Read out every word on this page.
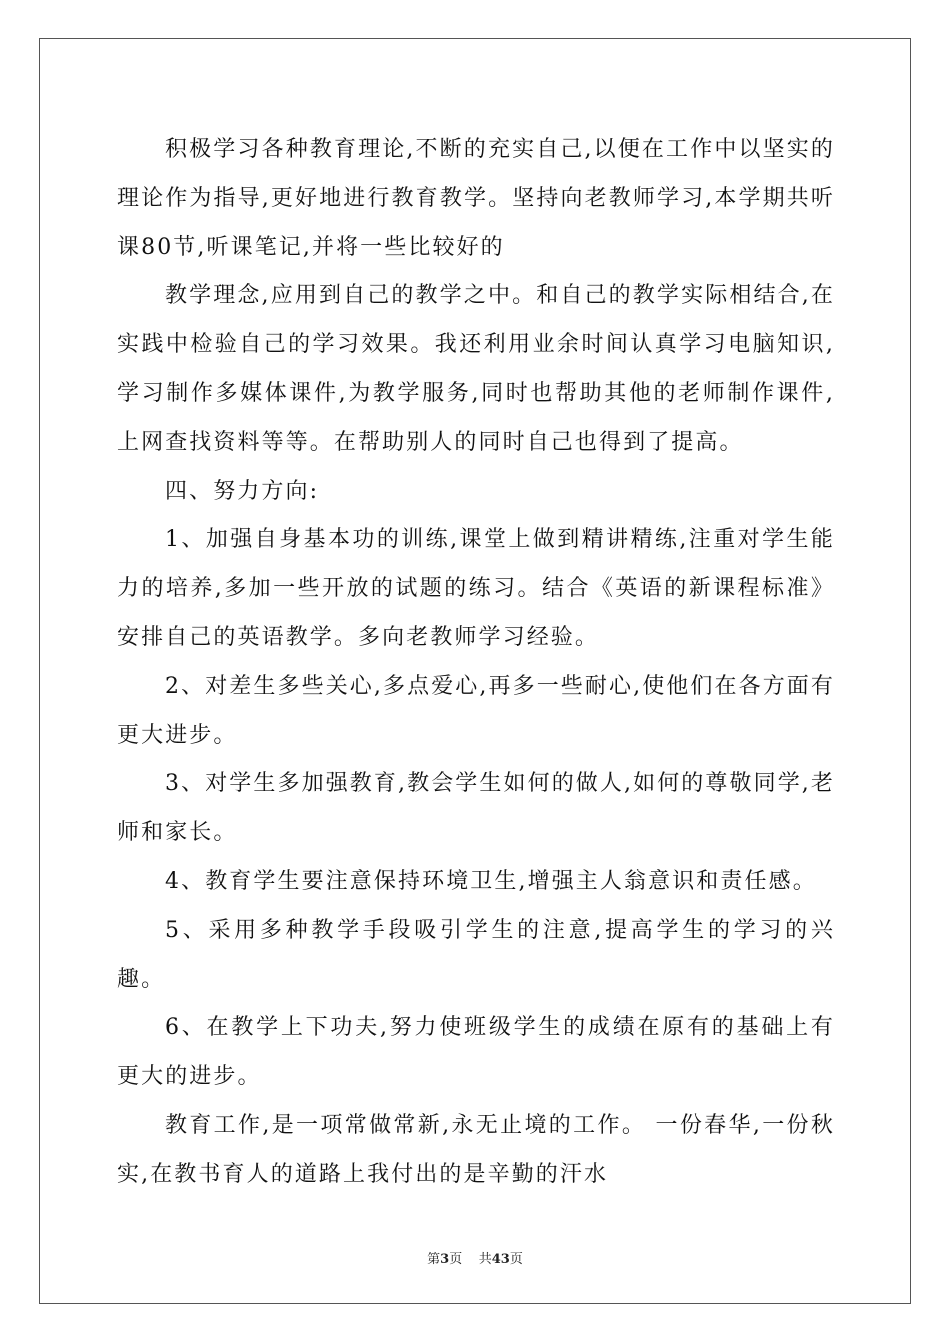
积极学习各种教育理论,不断的充实自己,以便在工作中以坚实的理论作为指导,更好地进行教育教学。坚持向老教师学习,本学期共听课80节,听课笔记,并将一些比较好的

教学理念,应用到自己的教学之中。和自己的教学实际相结合,在实践中检验自己的学习效果。我还利用业余时间认真学习电脑知识,学习制作多媒体课件,为教学服务,同时也帮助其他的老师制作课件,上网查找资料等等。在帮助别人的同时自己也得到了提高。

四、努力方向:

1、加强自身基本功的训练,课堂上做到精讲精练,注重对学生能力的培养,多加一些开放的试题的练习。结合《英语的新课程标准》安排自己的英语教学。多向老教师学习经验。

2、对差生多些关心,多点爱心,再多一些耐心,使他们在各方面有更大进步。

3、对学生多加强教育,教会学生如何的做人,如何的尊敬同学,老师和家长。

4、教育学生要注意保持环境卫生,增强主人翁意识和责任感。

5、采用多种教学手段吸引学生的注意,提高学生的学习的兴趣。

6、在教学上下功夫,努力使班级学生的成绩在原有的基础上有更大的进步。

教育工作,是一项常做常新,永无止境的工作。 一份春华,一份秋实,在教书育人的道路上我付出的是辛勤的汗水

第3页 共43页
